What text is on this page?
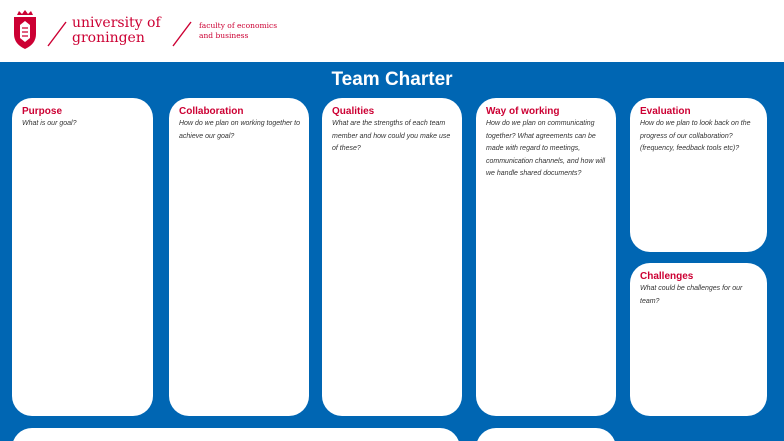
university of
groningen
faculty of economics
and business
Team Charter
Purpose
What is our goal?
Collaboration
How do we plan on working together to achieve our goal?
Qualities
What are the strengths of each team member and how could you make use of these?
Way of working
How do we plan on communicating together? What agreements can be made with regard to meetings, communication channels, and how will we handle shared documents?
Evaluation
How do we plan to look back on the progress of our collaboration? (frequency, feedback tools etc)?
Challenges
What could be challenges for our team?
